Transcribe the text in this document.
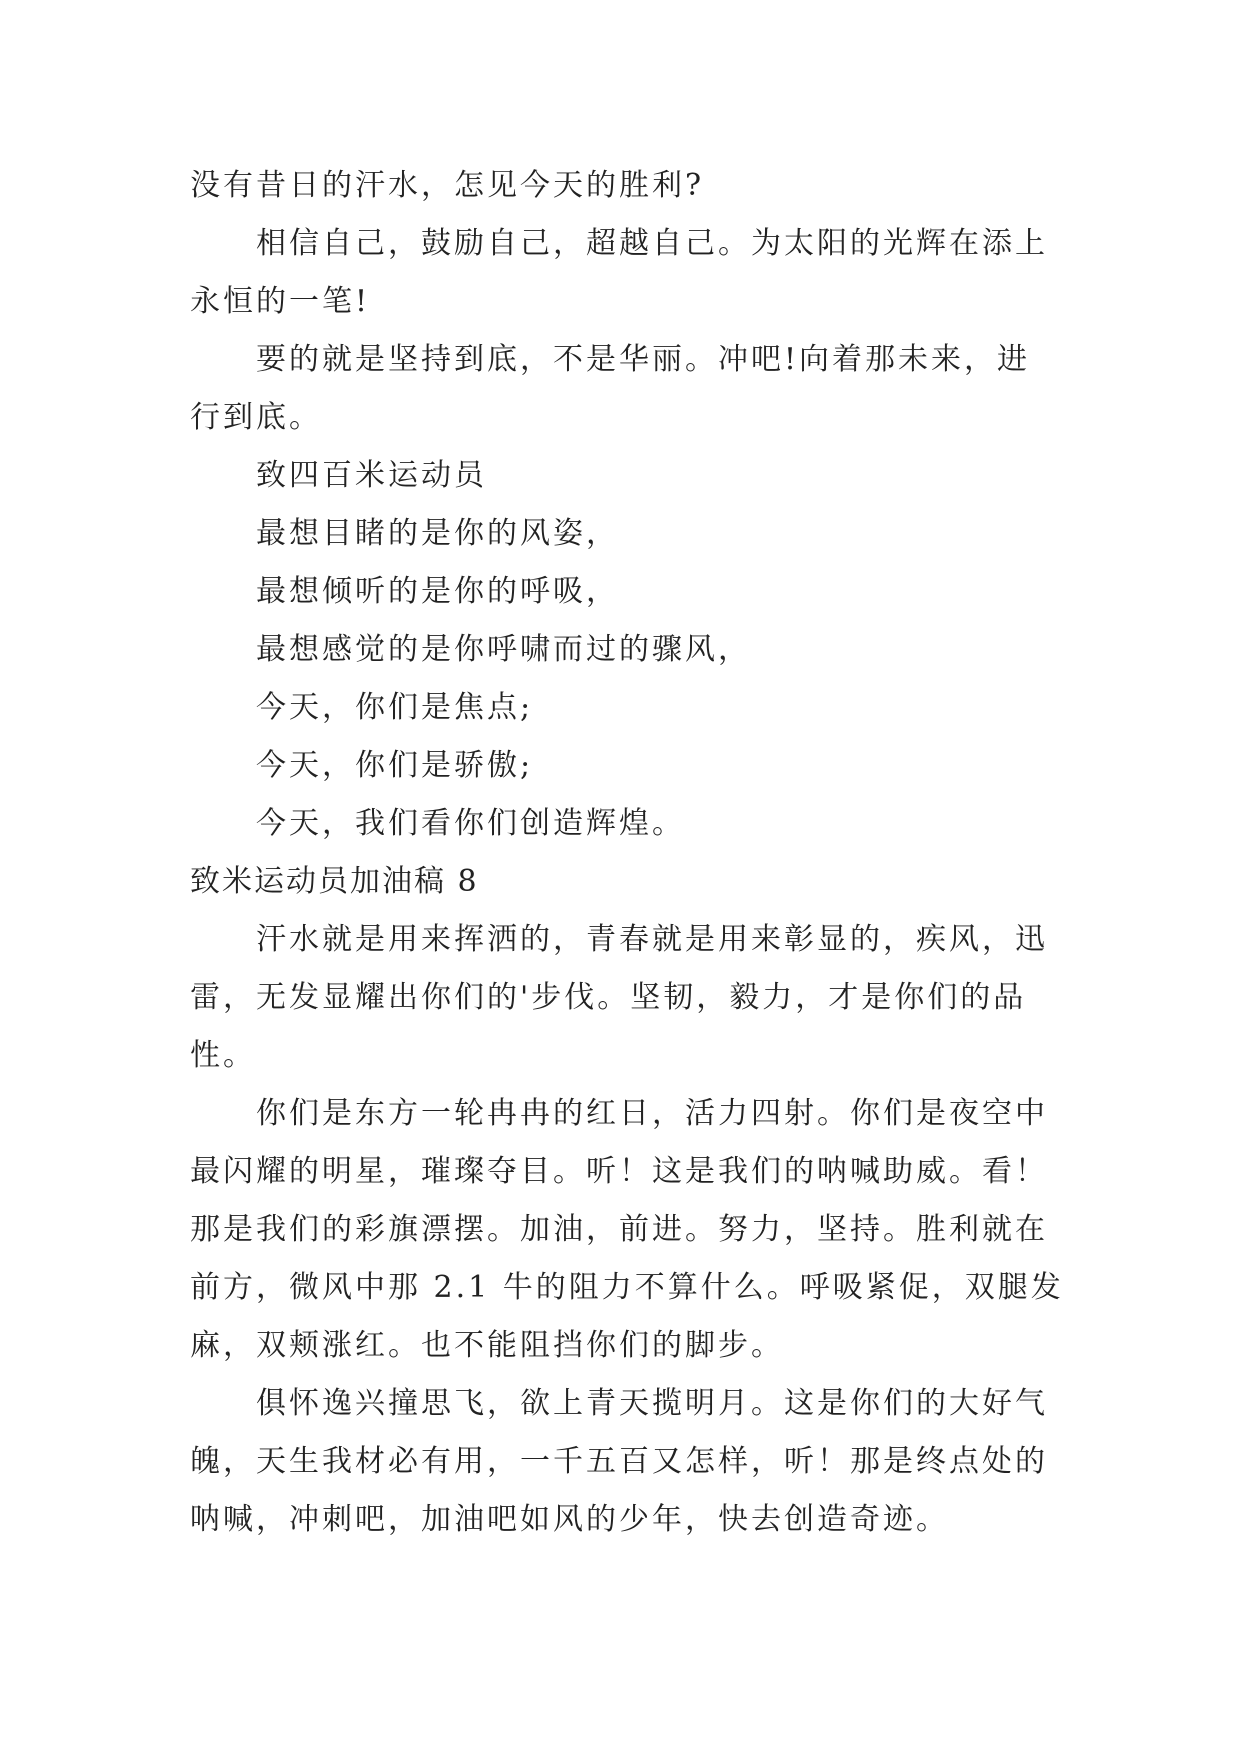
没有昔日的汗水，怎见今天的胜利?
相信自己，鼓励自己，超越自己。为太阳的光辉在添上
永恒的一笔!
要的就是坚持到底，不是华丽。冲吧!向着那未来，进
行到底。
致四百米运动员
最想目睹的是你的风姿，
最想倾听的是你的呼吸，
最想感觉的是你呼啸而过的骤风，
今天，你们是焦点;
今天，你们是骄傲;
今天，我们看你们创造辉煌。
致米运动员加油稿 8
汗水就是用来挥洒的，青春就是用来彰显的，疾风，迅
雷，无发显耀出你们的'步伐。坚韧，毅力，才是你们的品
性。
你们是东方一轮冉冉的红日，活力四射。你们是夜空中
最闪耀的明星，璀璨夺目。听！这是我们的呐喊助威。看！
那是我们的彩旗漂摆。加油，前进。努力，坚持。胜利就在
前方，微风中那 2.1 牛的阻力不算什么。呼吸紧促，双腿发
麻，双颊涨红。也不能阻挡你们的脚步。
俱怀逸兴撞思飞，欲上青天揽明月。这是你们的大好气
魄，天生我材必有用，一千五百又怎样，听！那是终点处的
呐喊，冲刺吧，加油吧如风的少年，快去创造奇迹。
